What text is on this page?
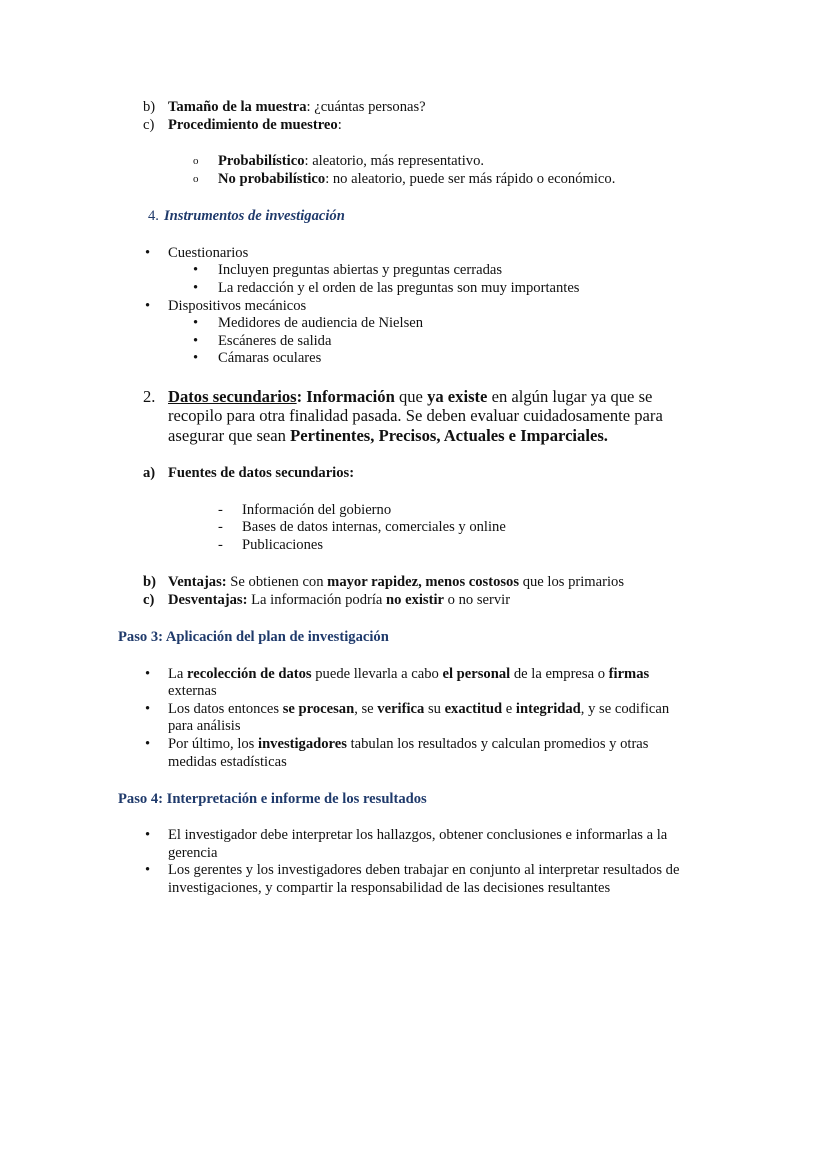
b) Tamaño de la muestra: ¿cuántas personas?
c) Procedimiento de muestreo:
o Probabilístico: aleatorio, más representativo.
o No probabilístico: no aleatorio, puede ser más rápido o económico.
4. Instrumentos de investigación
• Cuestionarios
• Incluyen preguntas abiertas y preguntas cerradas
• La redacción y el orden de las preguntas son muy importantes
• Dispositivos mecánicos
• Medidores de audiencia de Nielsen
• Escáneres de salida
• Cámaras oculares
2. Datos secundarios: Información que ya existe en algún lugar ya que se
recopilo para otra finalidad pasada. Se deben evaluar cuidadosamente para
asegurar que sean Pertinentes, Precisos, Actuales e Imparciales.
a) Fuentes de datos secundarios:
- Información del gobierno
- Bases de datos internas, comerciales y online
- Publicaciones
b) Ventajas: Se obtienen con mayor rapidez, menos costosos que los primarios
c) Desventajas: La información podría no existir o no servir
Paso 3: Aplicación del plan de investigación
• La recolección de datos puede llevarla a cabo el personal de la empresa o firmas
externas
• Los datos entonces se procesan, se verifica su exactitud e integridad, y se codifican
para análisis
• Por último, los investigadores tabulan los resultados y calculan promedios y otras
medidas estadísticas
Paso 4: Interpretación e informe de los resultados
• El investigador debe interpretar los hallazgos, obtener conclusiones e informarlas a la
gerencia
• Los gerentes y los investigadores deben trabajar en conjunto al interpretar resultados de
investigaciones, y compartir la responsabilidad de las decisiones resultantes
